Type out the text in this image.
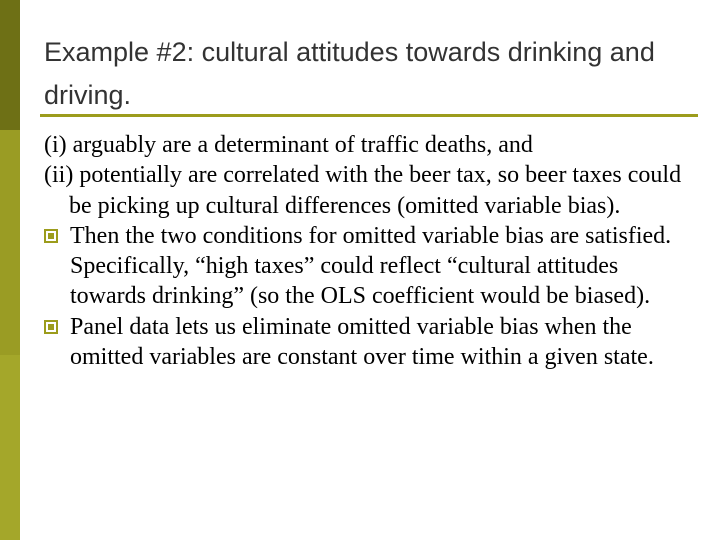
Example #2: cultural attitudes towards drinking and driving.
(i) arguably are a determinant of traffic deaths, and
(ii) potentially are correlated with the beer tax, so beer taxes could be picking up cultural differences (omitted variable bias).
Then the two conditions for omitted variable bias are satisfied. Specifically, “high taxes” could reflect “cultural attitudes towards drinking” (so the OLS coefficient would be biased).
Panel data lets us eliminate omitted variable bias when the omitted variables are constant over time within a given state.
